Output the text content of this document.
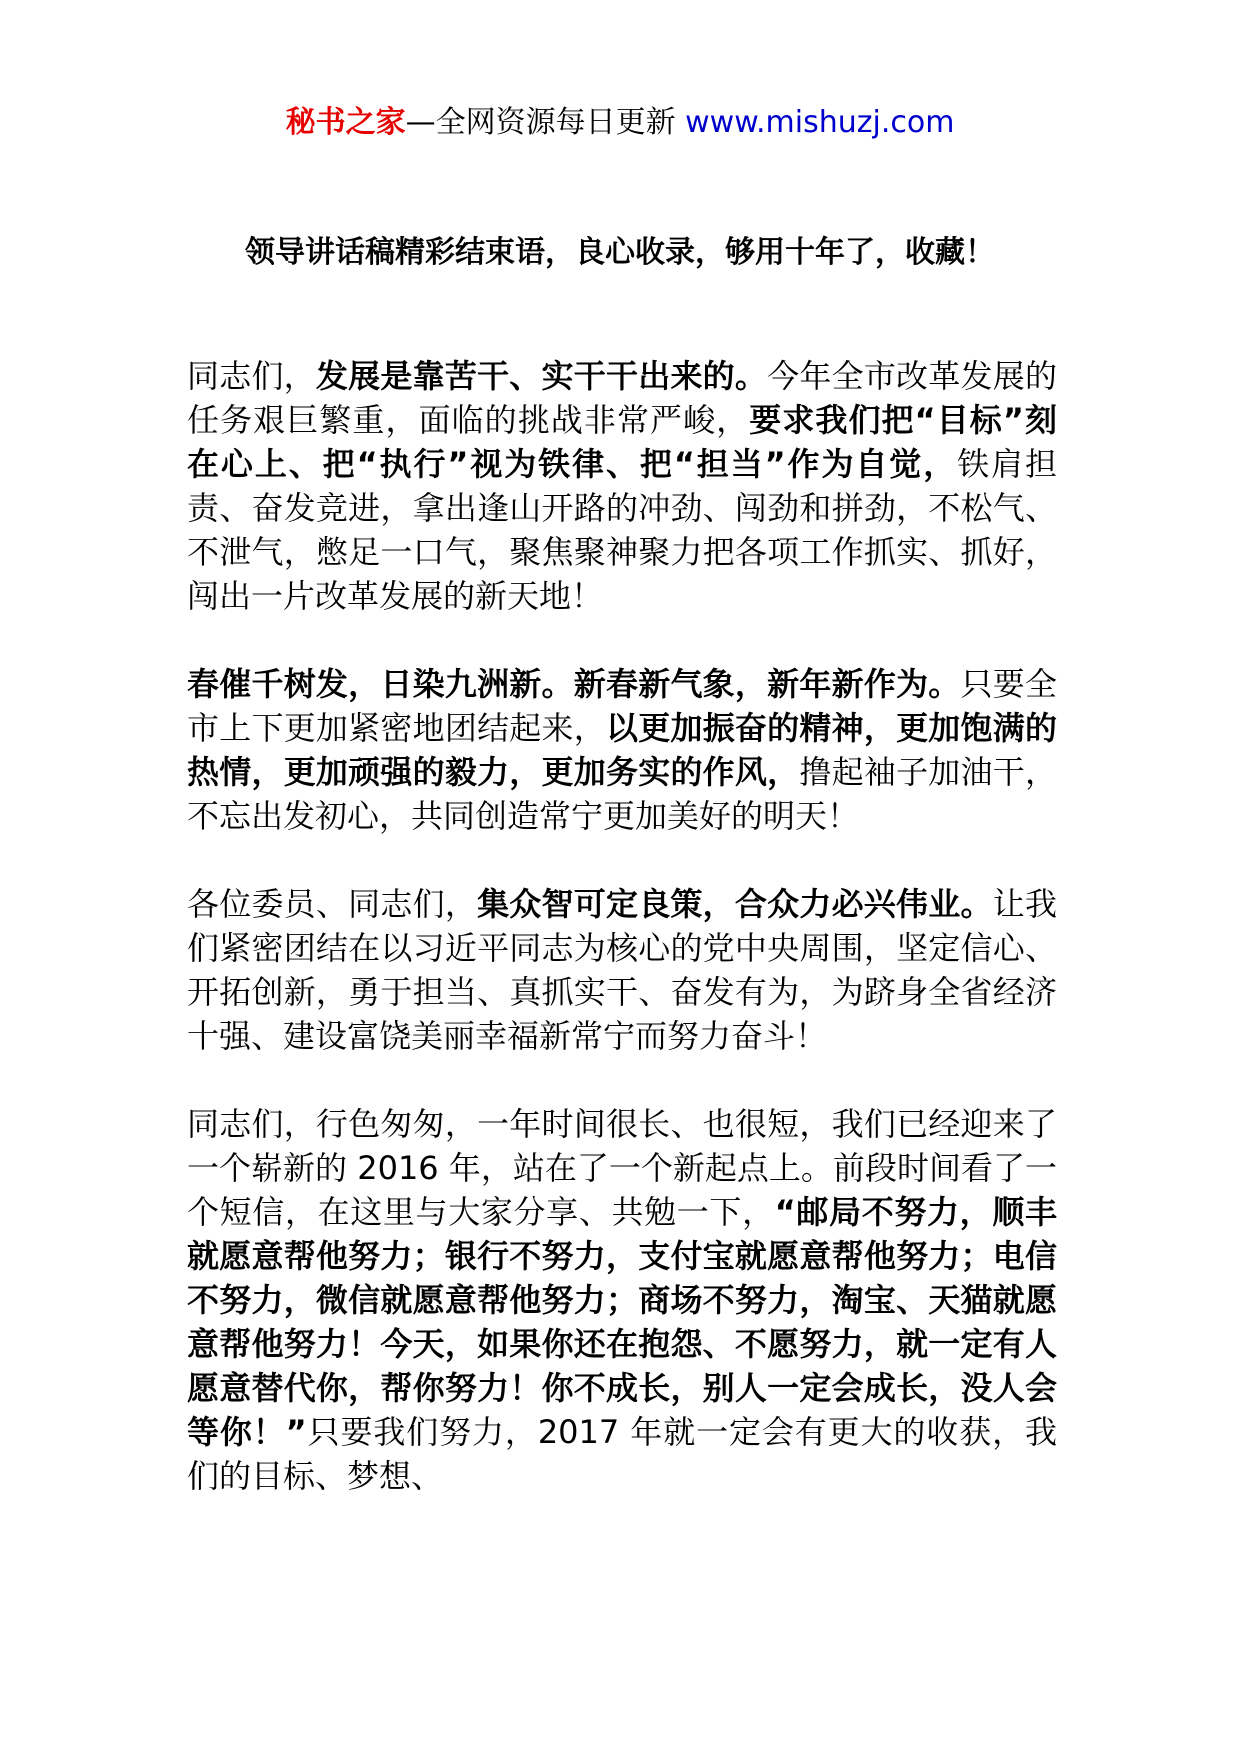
秘书之家—全网资源每日更新 www.mishuzj.com
领导讲话稿精彩结束语，良心收录，够用十年了，收藏！

同志们，发展是靠苦干、实干干出来的。今年全市改革发展的任务艰巨繁重，面临的挑战非常严峻，要求我们把“目标”刻在心上、把“执行”视为铁律、把“担当”作为自觉，铁肩担责、奋发竞进，拿出逢山开路的冲劲、闯劲和拼劲，不松气、不泄气，憋足一口气，聚焦聚神聚力把各项工作抓实、抓好，闯出一片改革发展的新天地！

春催千树发，日染九洲新。新春新气象，新年新作为。只要全市上下更加紧密地团结起来，以更加振奋的精神，更加饱满的热情，更加顽强的毅力，更加务实的作风，撸起袖子加油干，不忘出发初心，共同创造常宁更加美好的明天！

各位委员、同志们，集众智可定良策，合众力必兴伟业。让我们紧密团结在以习近平同志为核心的党中央周围，坚定信心、开拓创新，勇于担当、真抓实干、奋发有为，为跻身全省经济十强、建设富饶美丽幸福新常宁而努力奋斗！

同志们，行色匆匆，一年时间很长、也很短，我们已经迎来了一个崭新的 2016 年，站在了一个新起点上。前段时间看了一个短信，在这里与大家分享、共勉一下，“邮局不努力，顺丰就愿意帮他努力；银行不努力，支付宝就愿意帮他努力；电信不努力，微信就愿意帮他努力；商场不努力，淘宝、天猫就愿意帮他努力！今天，如果你还在抱怨、不愿努力，就一定有人愿意替代你，帮你努力！你不成长，别人一定会成长，没人会等你！”只要我们努力，2017 年就一定会有更大的收获，我们的目标、梦想、
